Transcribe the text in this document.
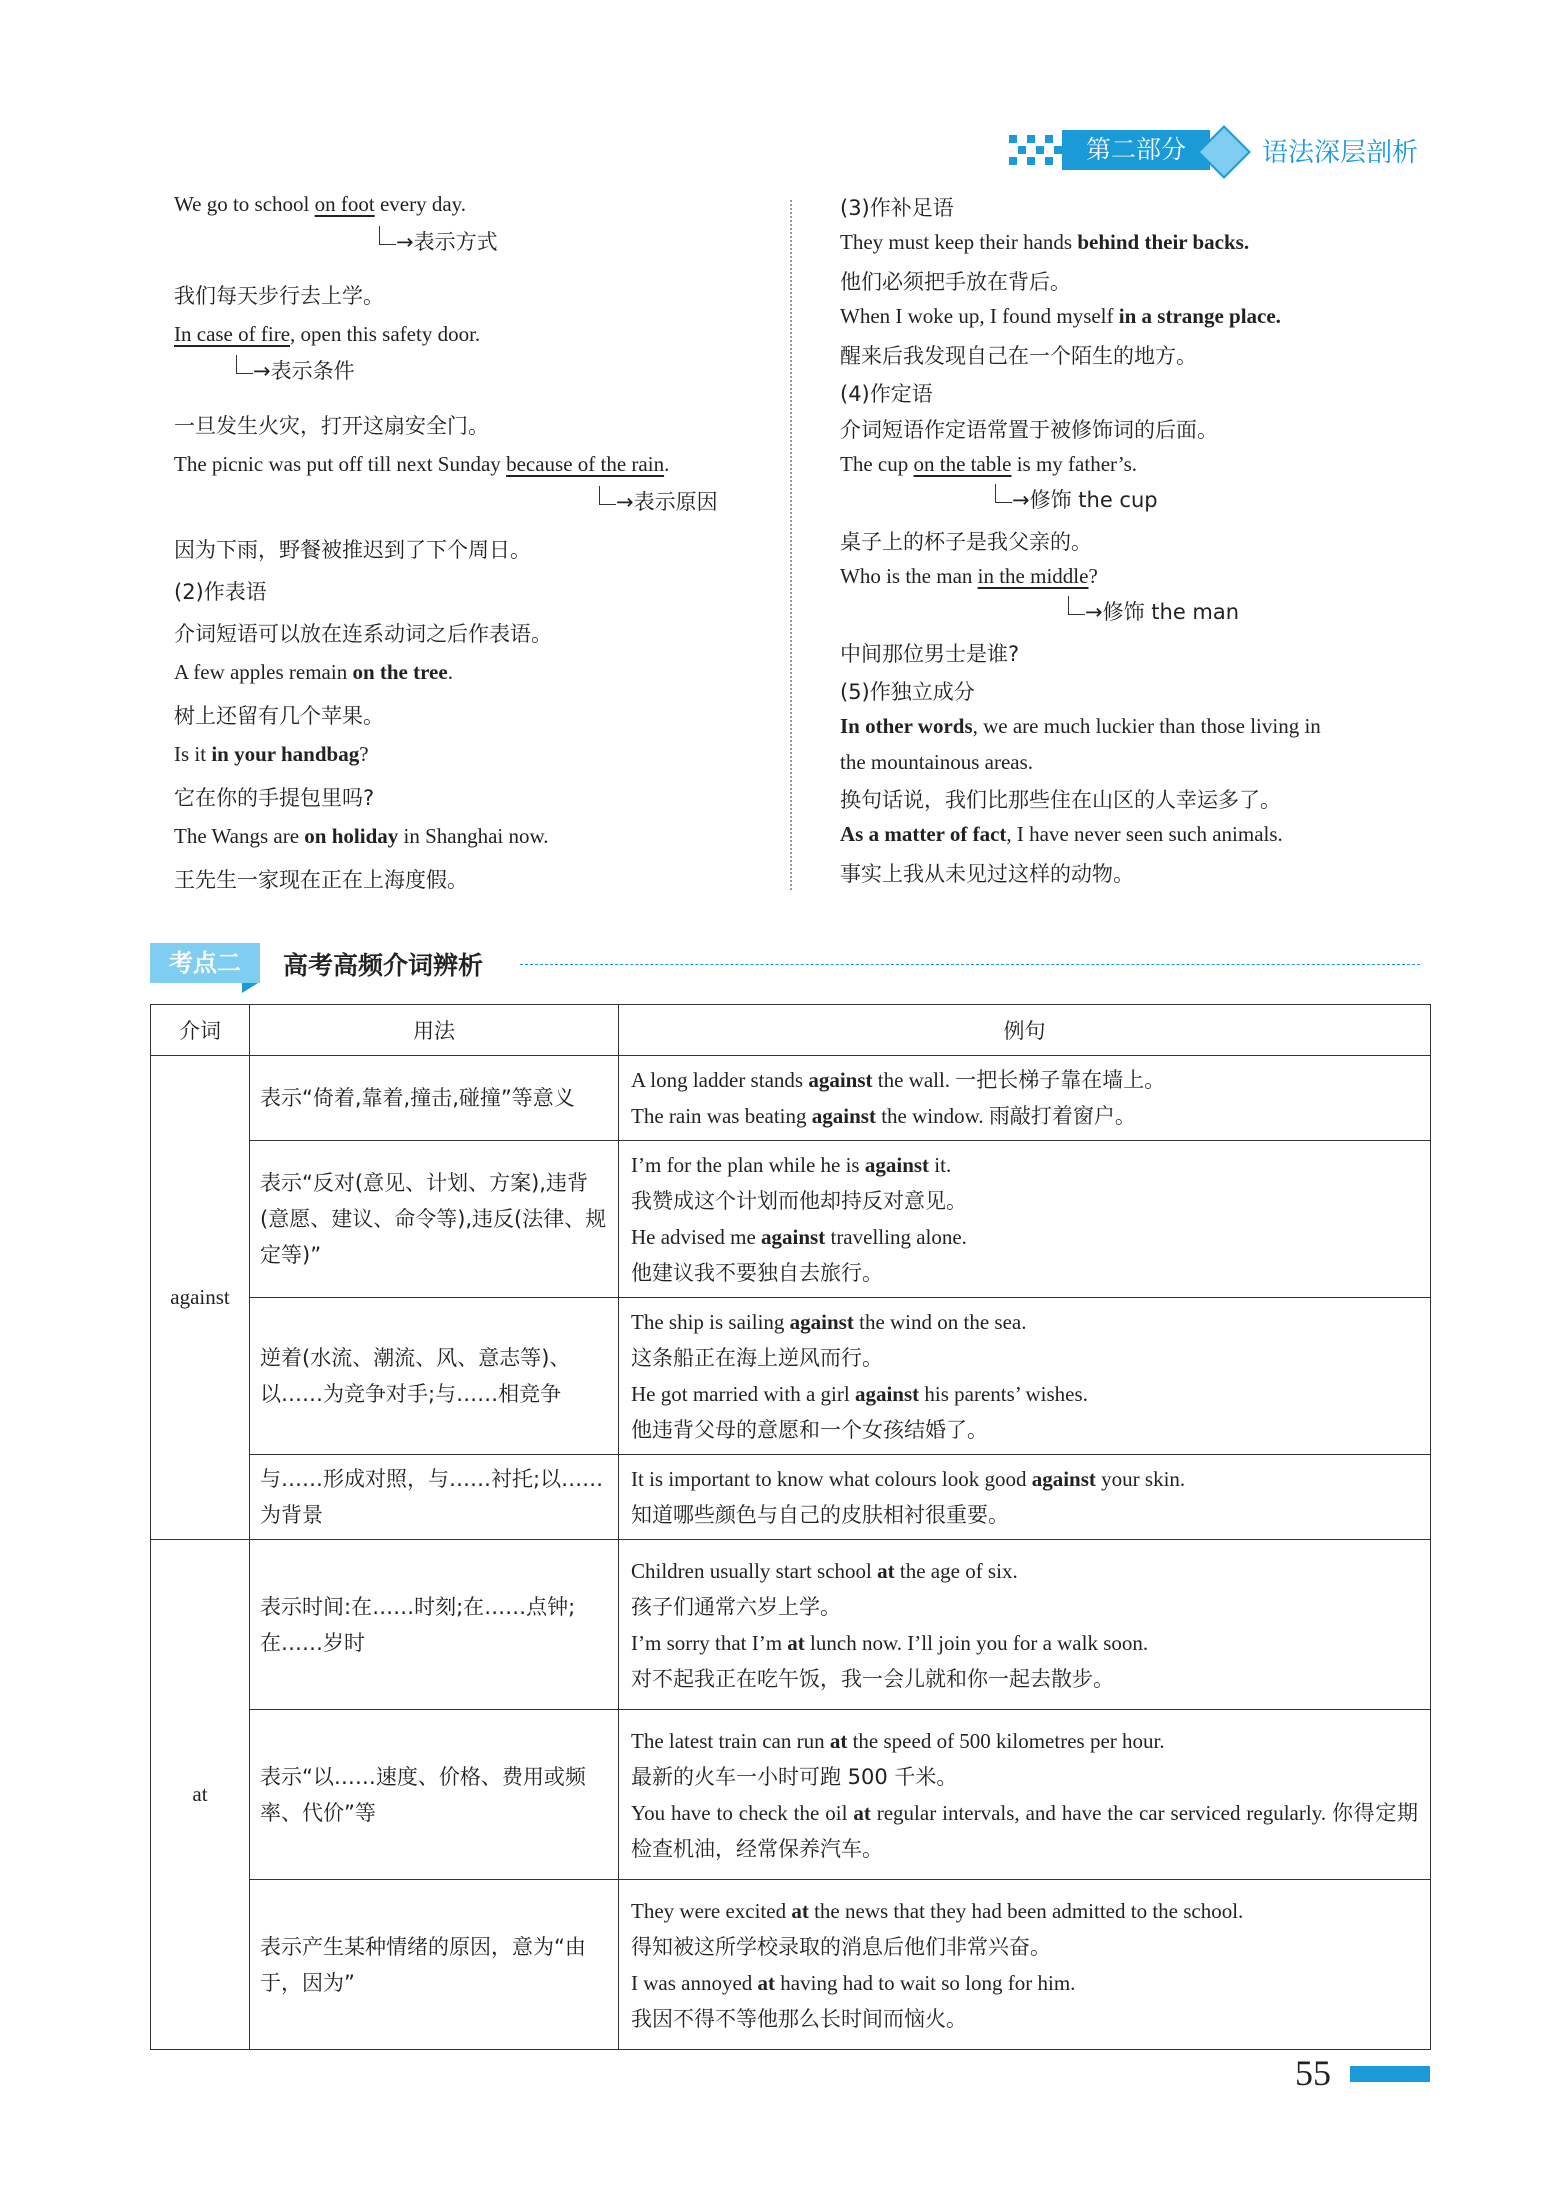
第二部分	语法深层剖析
We go to school on foot every day.
→表示方式
我们每天步行去上学。
In case of fire, open this safety door.
→表示条件
一旦发生火灾，打开这扇安全门。
The picnic was put off till next Sunday because of the rain.
→表示原因
因为下雨，野餐被推迟到了下个周日。
(2)作表语
介词短语可以放在连系动词之后作表语。
A few apples remain on the tree.
树上还留有几个苹果。
Is it in your handbag?
它在你的手提包里吗?
The Wangs are on holiday in Shanghai now.
王先生一家现在正在上海度假。
(3)作补足语
They must keep their hands behind their backs.
他们必须把手放在背后。
When I woke up, I found myself in a strange place.
醒来后我发现自己在一个陌生的地方。
(4)作定语
介词短语作定语常置于被修饰词的后面。
The cup on the table is my father’s.
→修饰 the cup
桌子上的杯子是我父亲的。
Who is the man in the middle?
→修饰 the man
中间那位男士是谁?
(5)作独立成分
In other words, we are much luckier than those living in
the mountainous areas.
换句话说，我们比那些住在山区的人幸运多了。
As a matter of fact, I have never seen such animals.
事实上我从未见过这样的动物。
考点二	高考高频介词辨析
介词	用法	例句
against	表示“倚着,靠着,撞击,碰撞”等意义	A long ladder stands against the wall. 一把长梯子靠在墙上。
The rain was beating against the window. 雨敲打着窗户。

	表示“反对(意见、计划、方案),违背(意愿、建议、命令等),违反(法律、规定等)”	I’m for the plan while he is against it.
我赞成这个计划而他却持反对意见。
He advised me against travelling alone.
他建议我不要独自去旅行。

	逆着(水流、潮流、风、意志等)、以……为竞争对手;与……相竞争	The ship is sailing against the wind on the sea.
这条船正在海上逆风而行。
He got married with a girl against his parents’ wishes.
他违背父母的意愿和一个女孩结婚了。

	与……形成对照，与……衬托;以……为背景	It is important to know what colours look good against your skin.
知道哪些颜色与自己的皮肤相衬很重要。

at	表示时间:在……时刻;在……点钟;在……岁时	Children usually start school at the age of six.
孩子们通常六岁上学。
I’m sorry that I’m at lunch now. I’ll join you for a walk soon.
对不起我正在吃午饭，我一会儿就和你一起去散步。

	表示“以……速度、价格、费用或频率、代价”等	The latest train can run at the speed of 500 kilometres per hour.
最新的火车一小时可跑 500 千米。
You have to check the oil at regular intervals, and have the car serviced regularly. 你得定期检查机油，经常保养汽车。

	表示产生某种情绪的原因，意为“由于，因为”	They were excited at the news that they had been admitted to the school.
得知被这所学校录取的消息后他们非常兴奋。
I was annoyed at having had to wait so long for him.
我因不得不等他那么长时间而恼火。
55
